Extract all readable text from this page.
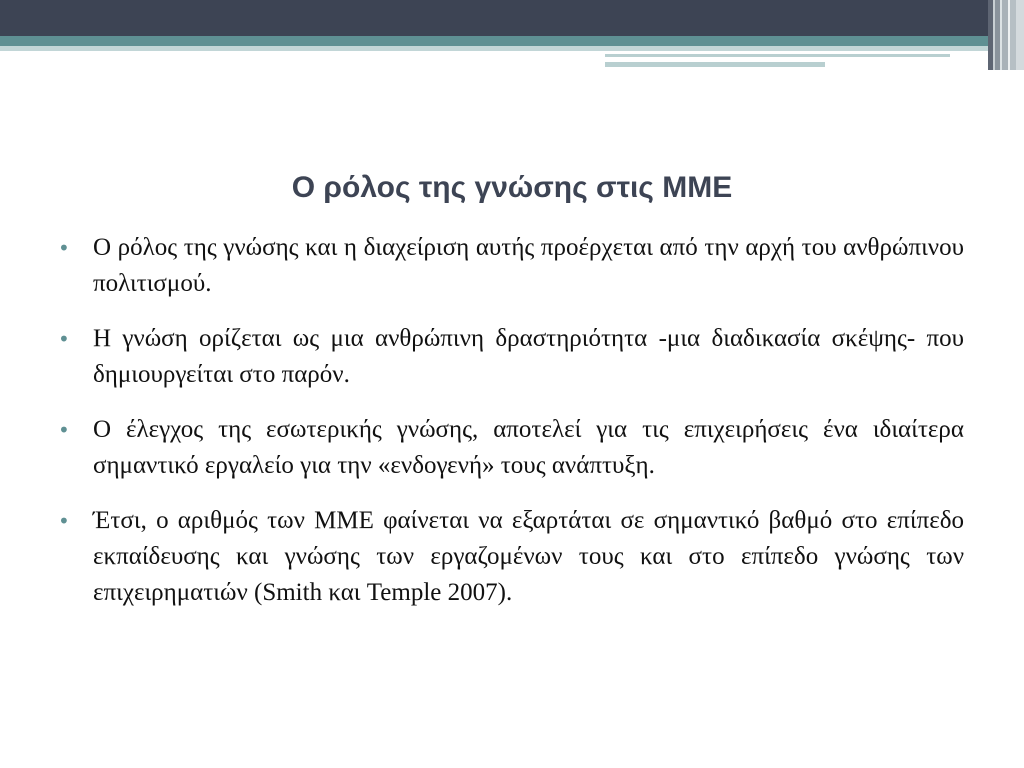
Ο ρόλος της γνώσης στις ΜΜΕ
• Ο ρόλος της γνώσης και η διαχείριση αυτής προέρχεται από την αρχή του ανθρώπινου πολιτισμού.
• Η γνώση ορίζεται ως μια ανθρώπινη δραστηριότητα -μια διαδικασία σκέψης- που δημιουργείται στο παρόν.
• Ο έλεγχος της εσωτερικής γνώσης, αποτελεί για τις επιχειρήσεις ένα ιδιαίτερα σημαντικό εργαλείο για την «ενδογενή» τους ανάπτυξη.
• Έτσι, ο αριθμός των ΜΜΕ φαίνεται να εξαρτάται σε σημαντικό βαθμό στο επίπεδο εκπαίδευσης και γνώσης των εργαζομένων τους και στο επίπεδο γνώσης των επιχειρηματιών (Smith και Temple 2007).
